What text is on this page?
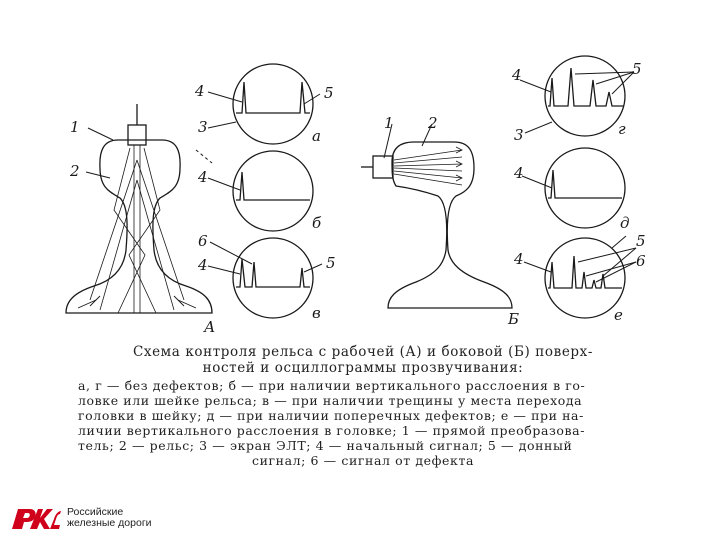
1
2
3
4	5
4
6
4	5
А
а
б
в
1 2
3
4	5
4
4
5
6
Б
г
д
е
Схема контроля рельса с рабочей (А) и боковой (Б) поверх-
ностей и осциллограммы прозвучивания:
а, г — без дефектов; б — при наличии вертикального расслоения в го-
ловке или шейке рельса; в — при наличии трещины у места перехода
головки в шейку; д — при наличии поперечных дефектов; е — при на-
личии вертикального расслоения в головке; 1 — прямой преобразова-
тель; 2 — рельс; 3 — экран ЭЛТ; 4 — начальный сигнал; 5 — донный
сигнал; 6 — сигнал от дефекта
Российские
железные дороги
